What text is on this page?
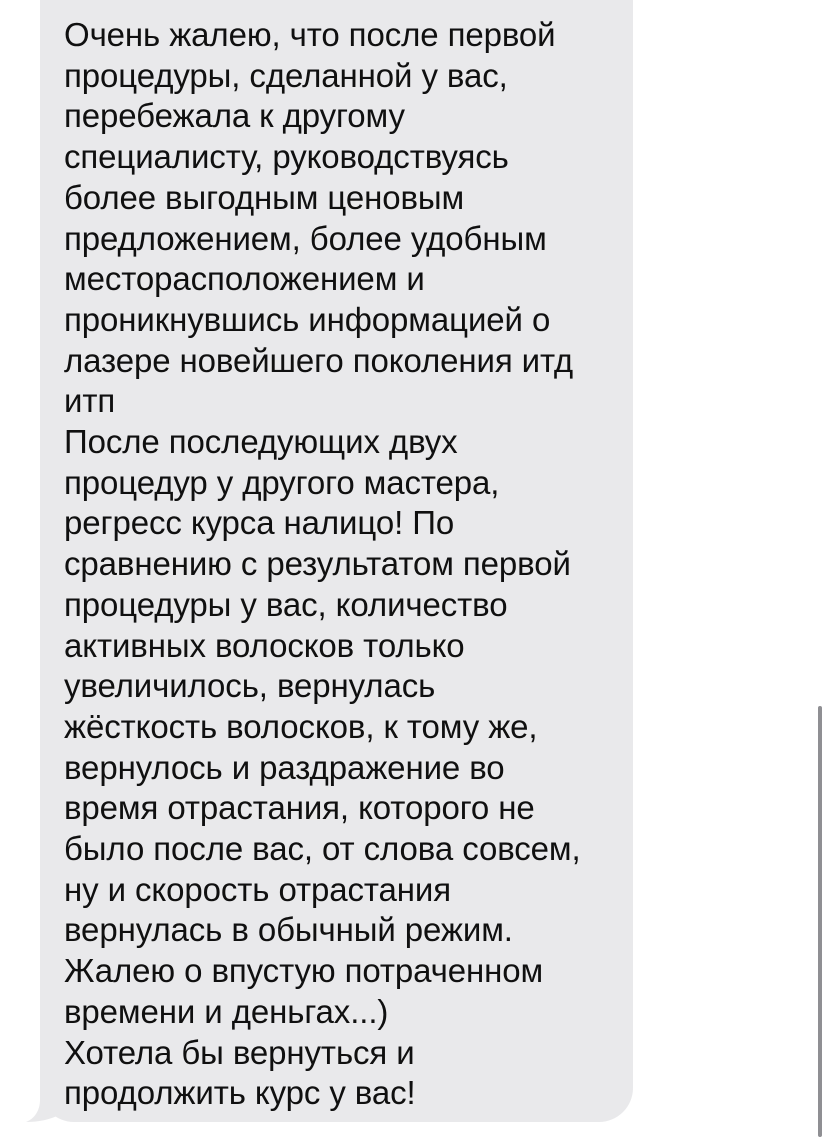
Очень жалею, что после первой
процедуры, сделанной у вас,
перебежала к другому
специалисту, руководствуясь
более выгодным ценовым
предложением, более удобным
месторасположением и
проникнувшись информацией о
лазере новейшего поколения итд
итп
После последующих двух
процедур у другого мастера,
регресс курса налицо! По
сравнению с результатом первой
процедуры у вас, количество
активных волосков только
увеличилось, вернулась
жёсткость волосков, к тому же,
вернулось и раздражение во
время отрастания, которого не
было после вас, от слова совсем,
ну и скорость отрастания
вернулась в обычный режим.
Жалею о впустую потраченном
времени и деньгах...)
Хотела бы вернуться и
продолжить курс у вас!
